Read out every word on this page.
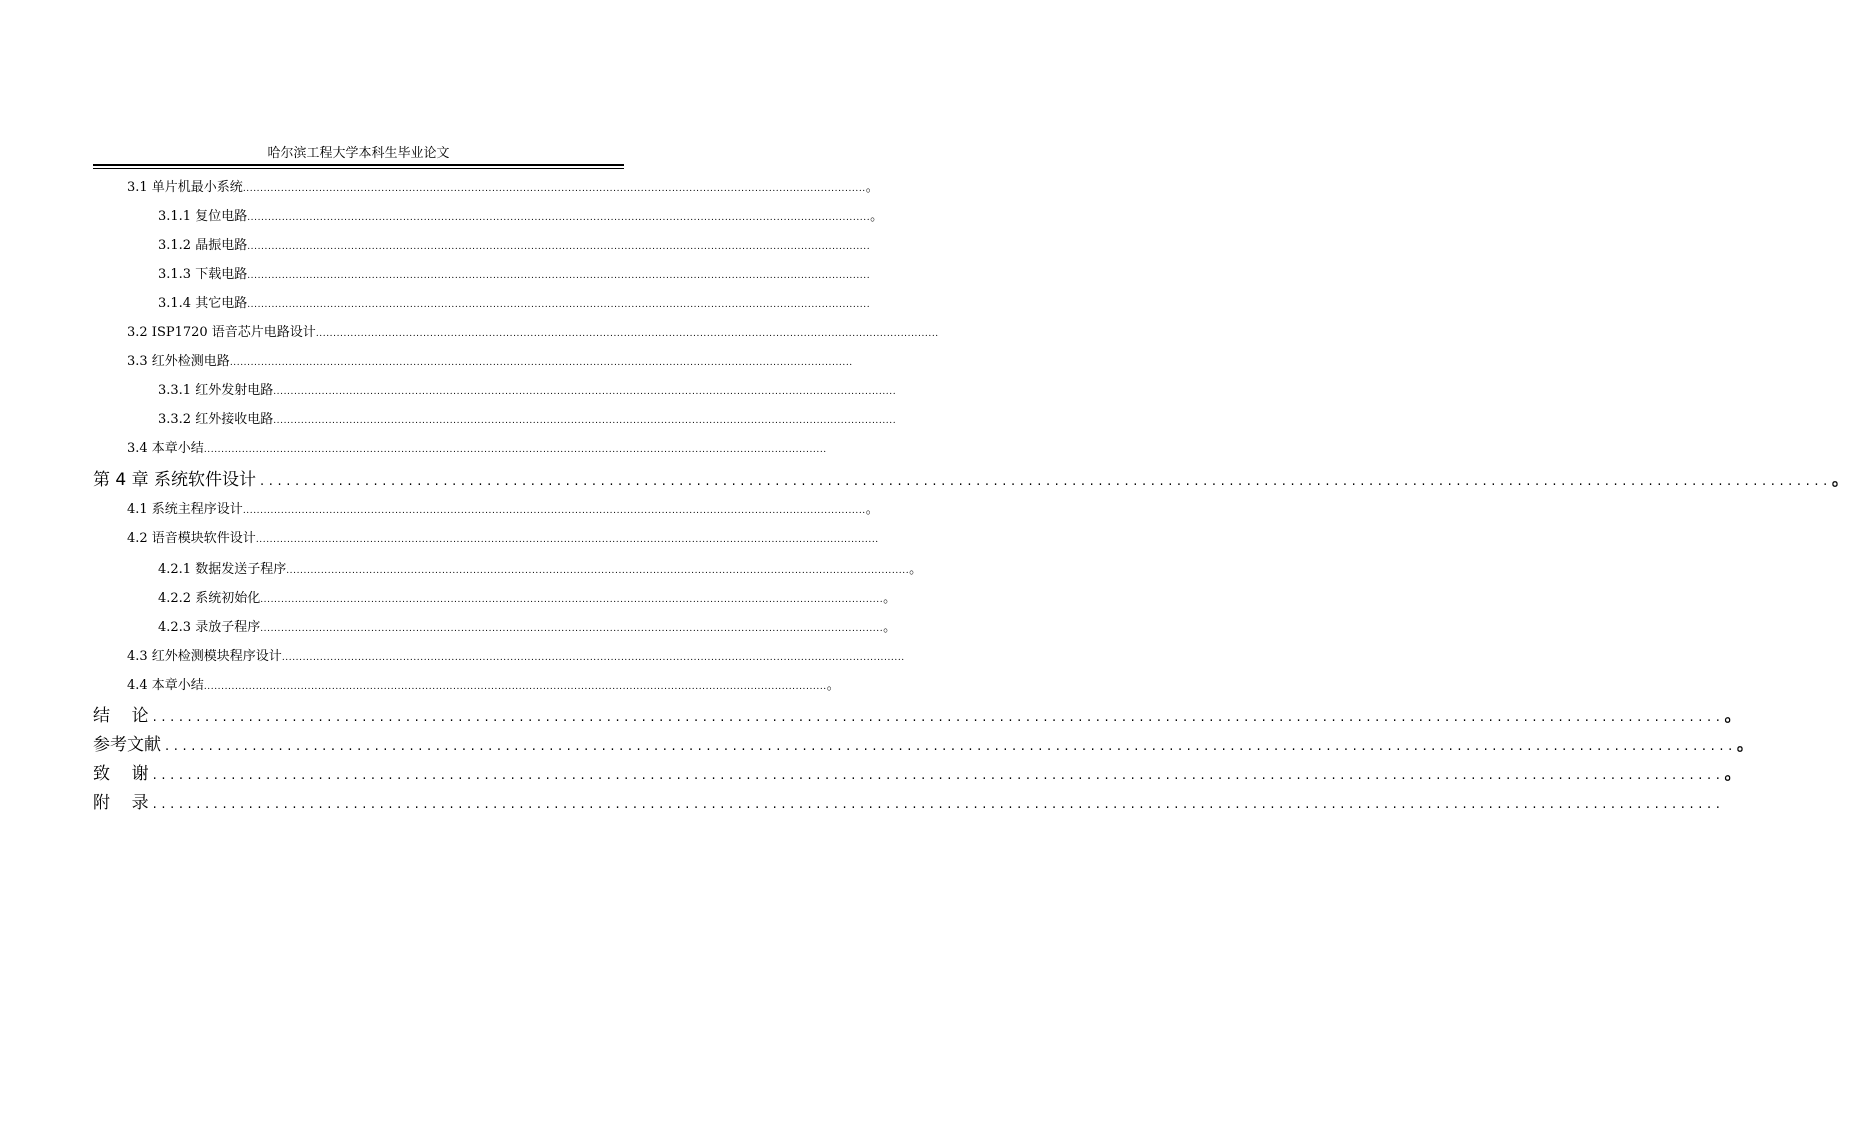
哈尔滨工程大学本科生毕业论文
3.1 单片机最小系统 .................................................................................................................................................................................... 。
3.1.1 复位电路 .................................................................................................................................................................................... 。
3.1.2 晶振电路 ....................................................................................................................................................................................
3.1.3 下载电路 ....................................................................................................................................................................................
3.1.4 其它电路 ....................................................................................................................................................................................
3.2 ISP1720 语音芯片电路设计 ....................................................................................................................................................................................
3.3 红外检测电路 ....................................................................................................................................................................................
3.3.1 红外发射电路 ....................................................................................................................................................................................
3.3.2 红外接收电路 ....................................................................................................................................................................................
3.4 本章小结 ....................................................................................................................................................................................
第 4 章 系统软件设计 .................................................................................................................................................................................... 。
4.1 系统主程序设计 .................................................................................................................................................................................... 。
4.2 语音模块软件设计 ....................................................................................................................................................................................
4.2.1 数据发送子程序 .................................................................................................................................................................................... 。
4.2.2 系统初始化 .................................................................................................................................................................................... 。
4.2.3 录放子程序 .................................................................................................................................................................................... 。
4.3 红外检测模块程序设计 ....................................................................................................................................................................................
4.4 本章小结 .................................................................................................................................................................................... 。
结    论 .................................................................................................................................................................................... 。
参考文献 .................................................................................................................................................................................... 。
致    谢 .................................................................................................................................................................................... 。
附    录 ....................................................................................................................................................................................
